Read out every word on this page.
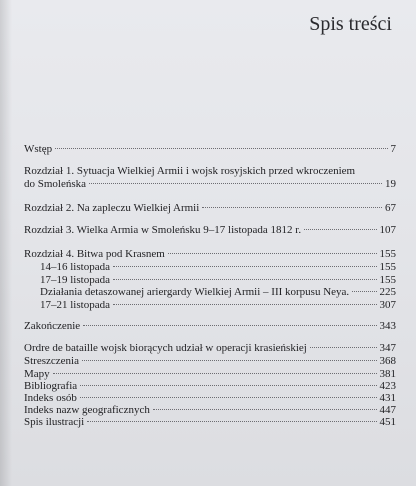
Spis treści
Wstęp	7
Rozdział 1. Sytuacja Wielkiej Armii i wojsk rosyjskich przed wkroczeniem
do Smoleńska	19
Rozdział 2. Na zapleczu Wielkiej Armii	67
Rozdział 3. Wielka Armia w Smoleńsku 9–17 listopada 1812 r.	107
Rozdział 4. Bitwa pod Krasnem	155
14–16 listopada	155
17–19 listopada	155
Działania detaszowanej ariergardy Wielkiej Armii – III korpusu Neya.	225
17–21 listopada	307
Zakończenie	343
Ordre de bataille wojsk biorących udział w operacji krasieńskiej	347
Streszczenia	368
Mapy	381
Bibliografia	423
Indeks osób	431
Indeks nazw geograficznych	447
Spis ilustracji	451
